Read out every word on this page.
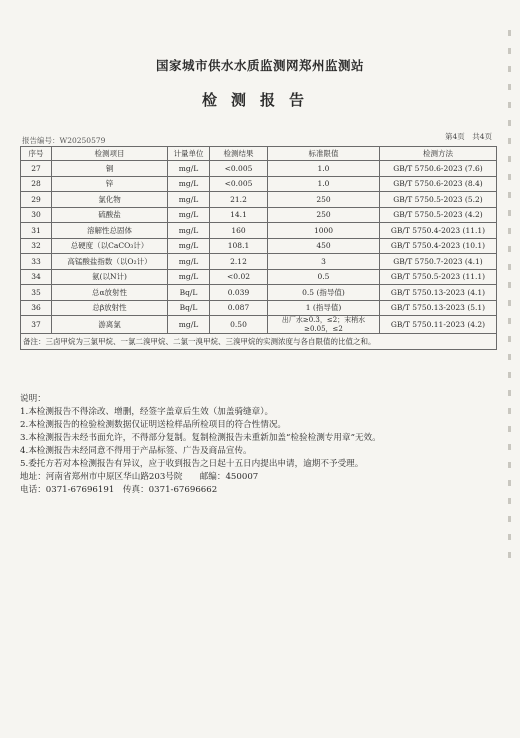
国家城市供水水质监测网郑州监测站
检测报告
报告编号：W20250579	第4页　共4页
序号	检测项目	计量单位	检测结果	标准限值	检测方法
27	铜	mg/L	<0.005	1.0	GB/T 5750.6-2023 (7.6)
28	锌	mg/L	<0.005	1.0	GB/T 5750.6-2023 (8.4)
29	氯化物	mg/L	21.2	250	GB/T 5750.5-2023 (5.2)
30	硫酸盐	mg/L	14.1	250	GB/T 5750.5-2023 (4.2)
31	溶解性总固体	mg/L	160	1000	GB/T 5750.4-2023 (11.1)
32	总硬度（以CaCO₃计）	mg/L	108.1	450	GB/T 5750.4-2023 (10.1)
33	高锰酸盐指数（以O₂计）	mg/L	2.12	3	GB/T 5750.7-2023 (4.1)
34	氨(以N计)	mg/L	<0.02	0.5	GB/T 5750.5-2023 (11.1)
35	总α放射性	Bq/L	0.039	0.5 (指导值)	GB/T 5750.13-2023 (4.1)
36	总β放射性	Bq/L	0.087	1 (指导值)	GB/T 5750.13-2023 (5.1)
37	游离氯	mg/L	0.50	出厂水≥0.3，≤2；末梢水≥0.05，≤2	GB/T 5750.11-2023 (4.2)
备注：三卤甲烷为三氯甲烷、一氯二溴甲烷、二氯一溴甲烷、三溴甲烷的实测浓度与各自限值的比值之和。					
说明：
1.本检测报告不得涂改、增删，经签字盖章后生效（加盖骑缝章）。
2.本检测报告的检验检测数据仅证明送检样品所检项目的符合性情况。
3.本检测报告未经书面允许，不得部分复制。复制检测报告未重新加盖“检验检测专用章”无效。
4.本检测报告未经同意不得用于产品标签、广告及商品宣传。
5.委托方若对本检测报告有异议，应于收到报告之日起十五日内提出申请，逾期不予受理。
地址：河南省郑州市中原区华山路203号院　　邮编：450007
电话：0371-67696191　传真：0371-67696662
